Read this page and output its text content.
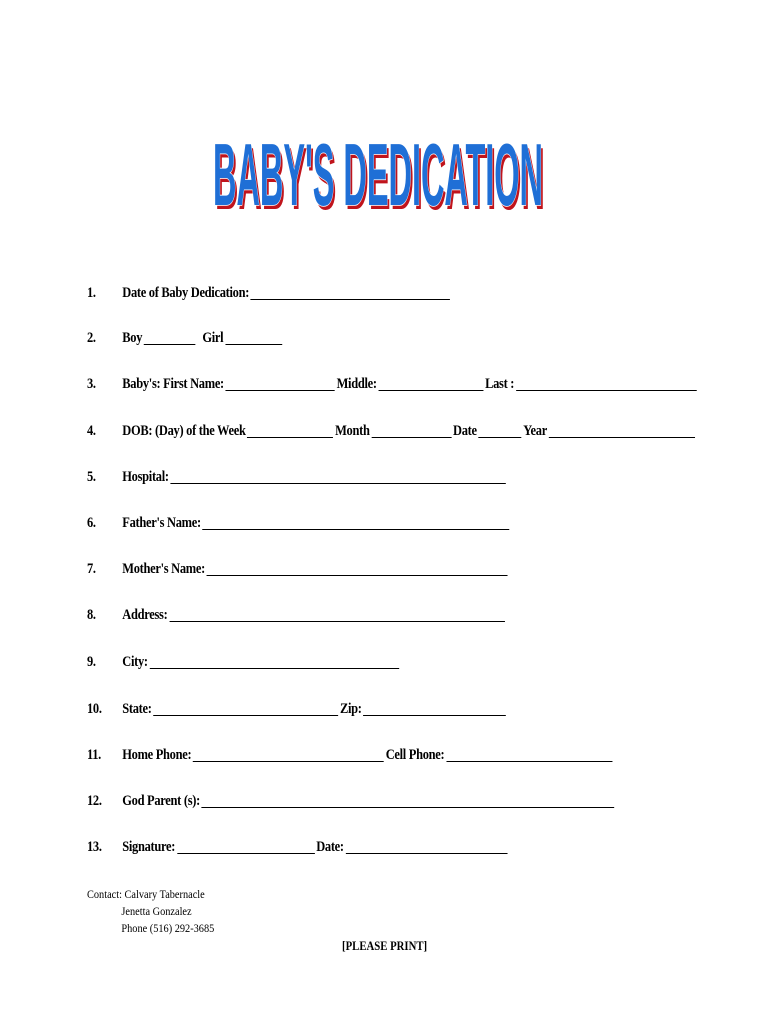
BABY'S DEDICATION
BABY'S DEDICATION
1.	Date of Baby Dedication:
2.	Boy	Girl
3.	Baby's: First Name:	Middle:	Last :
4.	DOB: (Day) of the Week	Month	Date	Year
5.	Hospital:
6.	Father's Name:
7.	Mother's Name:
8.	Address:
9.	City:
10.	State:	Zip:
11.	Home Phone:	Cell Phone:
12.	God Parent (s):
13.	Signature:	Date:
Contact: Calvary Tabernacle
Jenetta Gonzalez
Phone (516) 292-3685
[PLEASE PRINT]
